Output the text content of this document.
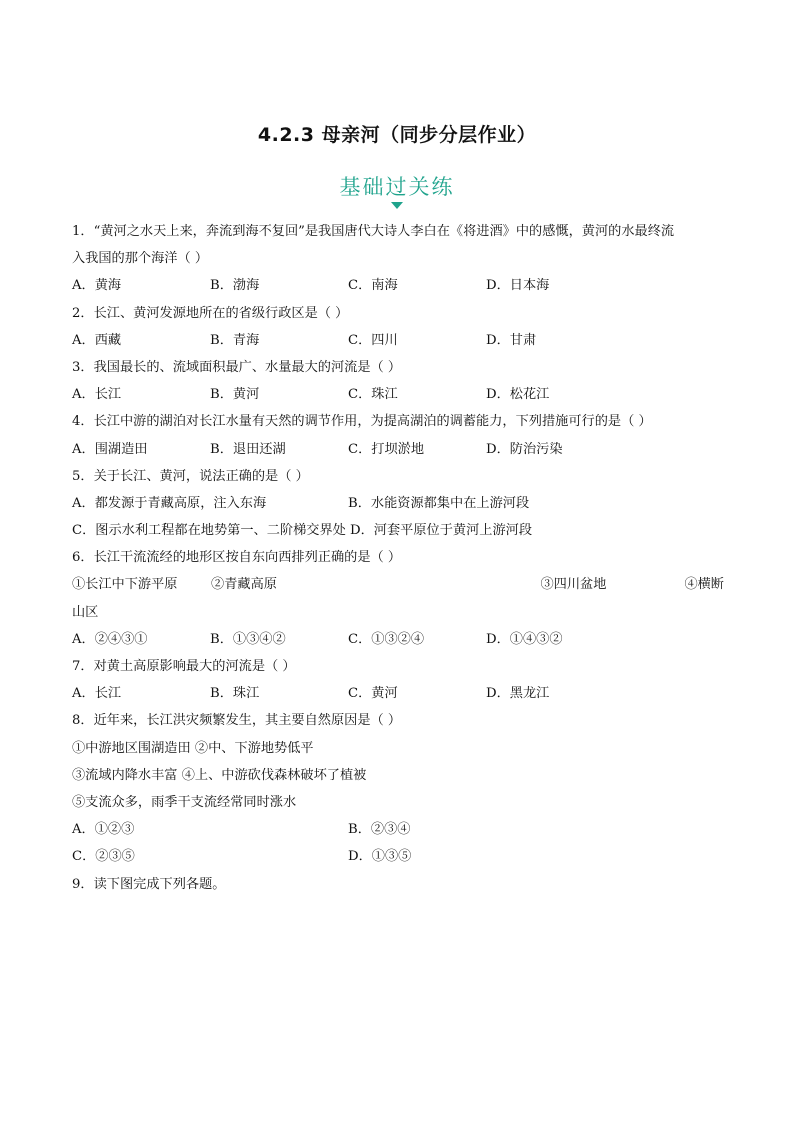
4.2.3 母亲河（同步分层作业）
基础过关练
1．“黄河之水天上来，奔流到海不复回”是我国唐代大诗人李白在《将进酒》中的感慨，黄河的水最终流
入我国的那个海洋（ ）
A．黄海	B．渤海	C．南海	D．日本海
2．长江、黄河发源地所在的省级行政区是（ ）
A．西藏	B．青海	C．四川	D．甘肃
3．我国最长的、流域面积最广、水量最大的河流是（ ）
A．长江	B．黄河	C．珠江	D．松花江
4．长江中游的湖泊对长江水量有天然的调节作用，为提高湖泊的调蓄能力，下列措施可行的是（ ）
A．围湖造田	B．退田还湖	C．打坝淤地	D．防治污染
5．关于长江、黄河，说法正确的是（ ）
A．都发源于青藏高原，注入东海	B．水能资源都集中在上游河段
C．图示水利工程都在地势第一、二阶梯交界处 D．河套平原位于黄河上游河段
6．长江干流流经的地形区按自东向西排列正确的是（ ）
①长江中下游平原	②青藏高原	③四川盆地	④横断
山区
A．②④③①	B．①③④②	C．①③②④	D．①④③②
7．对黄土高原影响最大的河流是（ ）
A．长江	B．珠江	C．黄河	D．黑龙江
8．近年来，长江洪灾频繁发生，其主要自然原因是（ ）
①中游地区围湖造田 ②中、下游地势低平
③流域内降水丰富 ④上、中游砍伐森林破坏了植被
⑤支流众多，雨季干支流经常同时涨水
A．①②③	B．②③④
C．②③⑤	D．①③⑤
9．读下图完成下列各题。
